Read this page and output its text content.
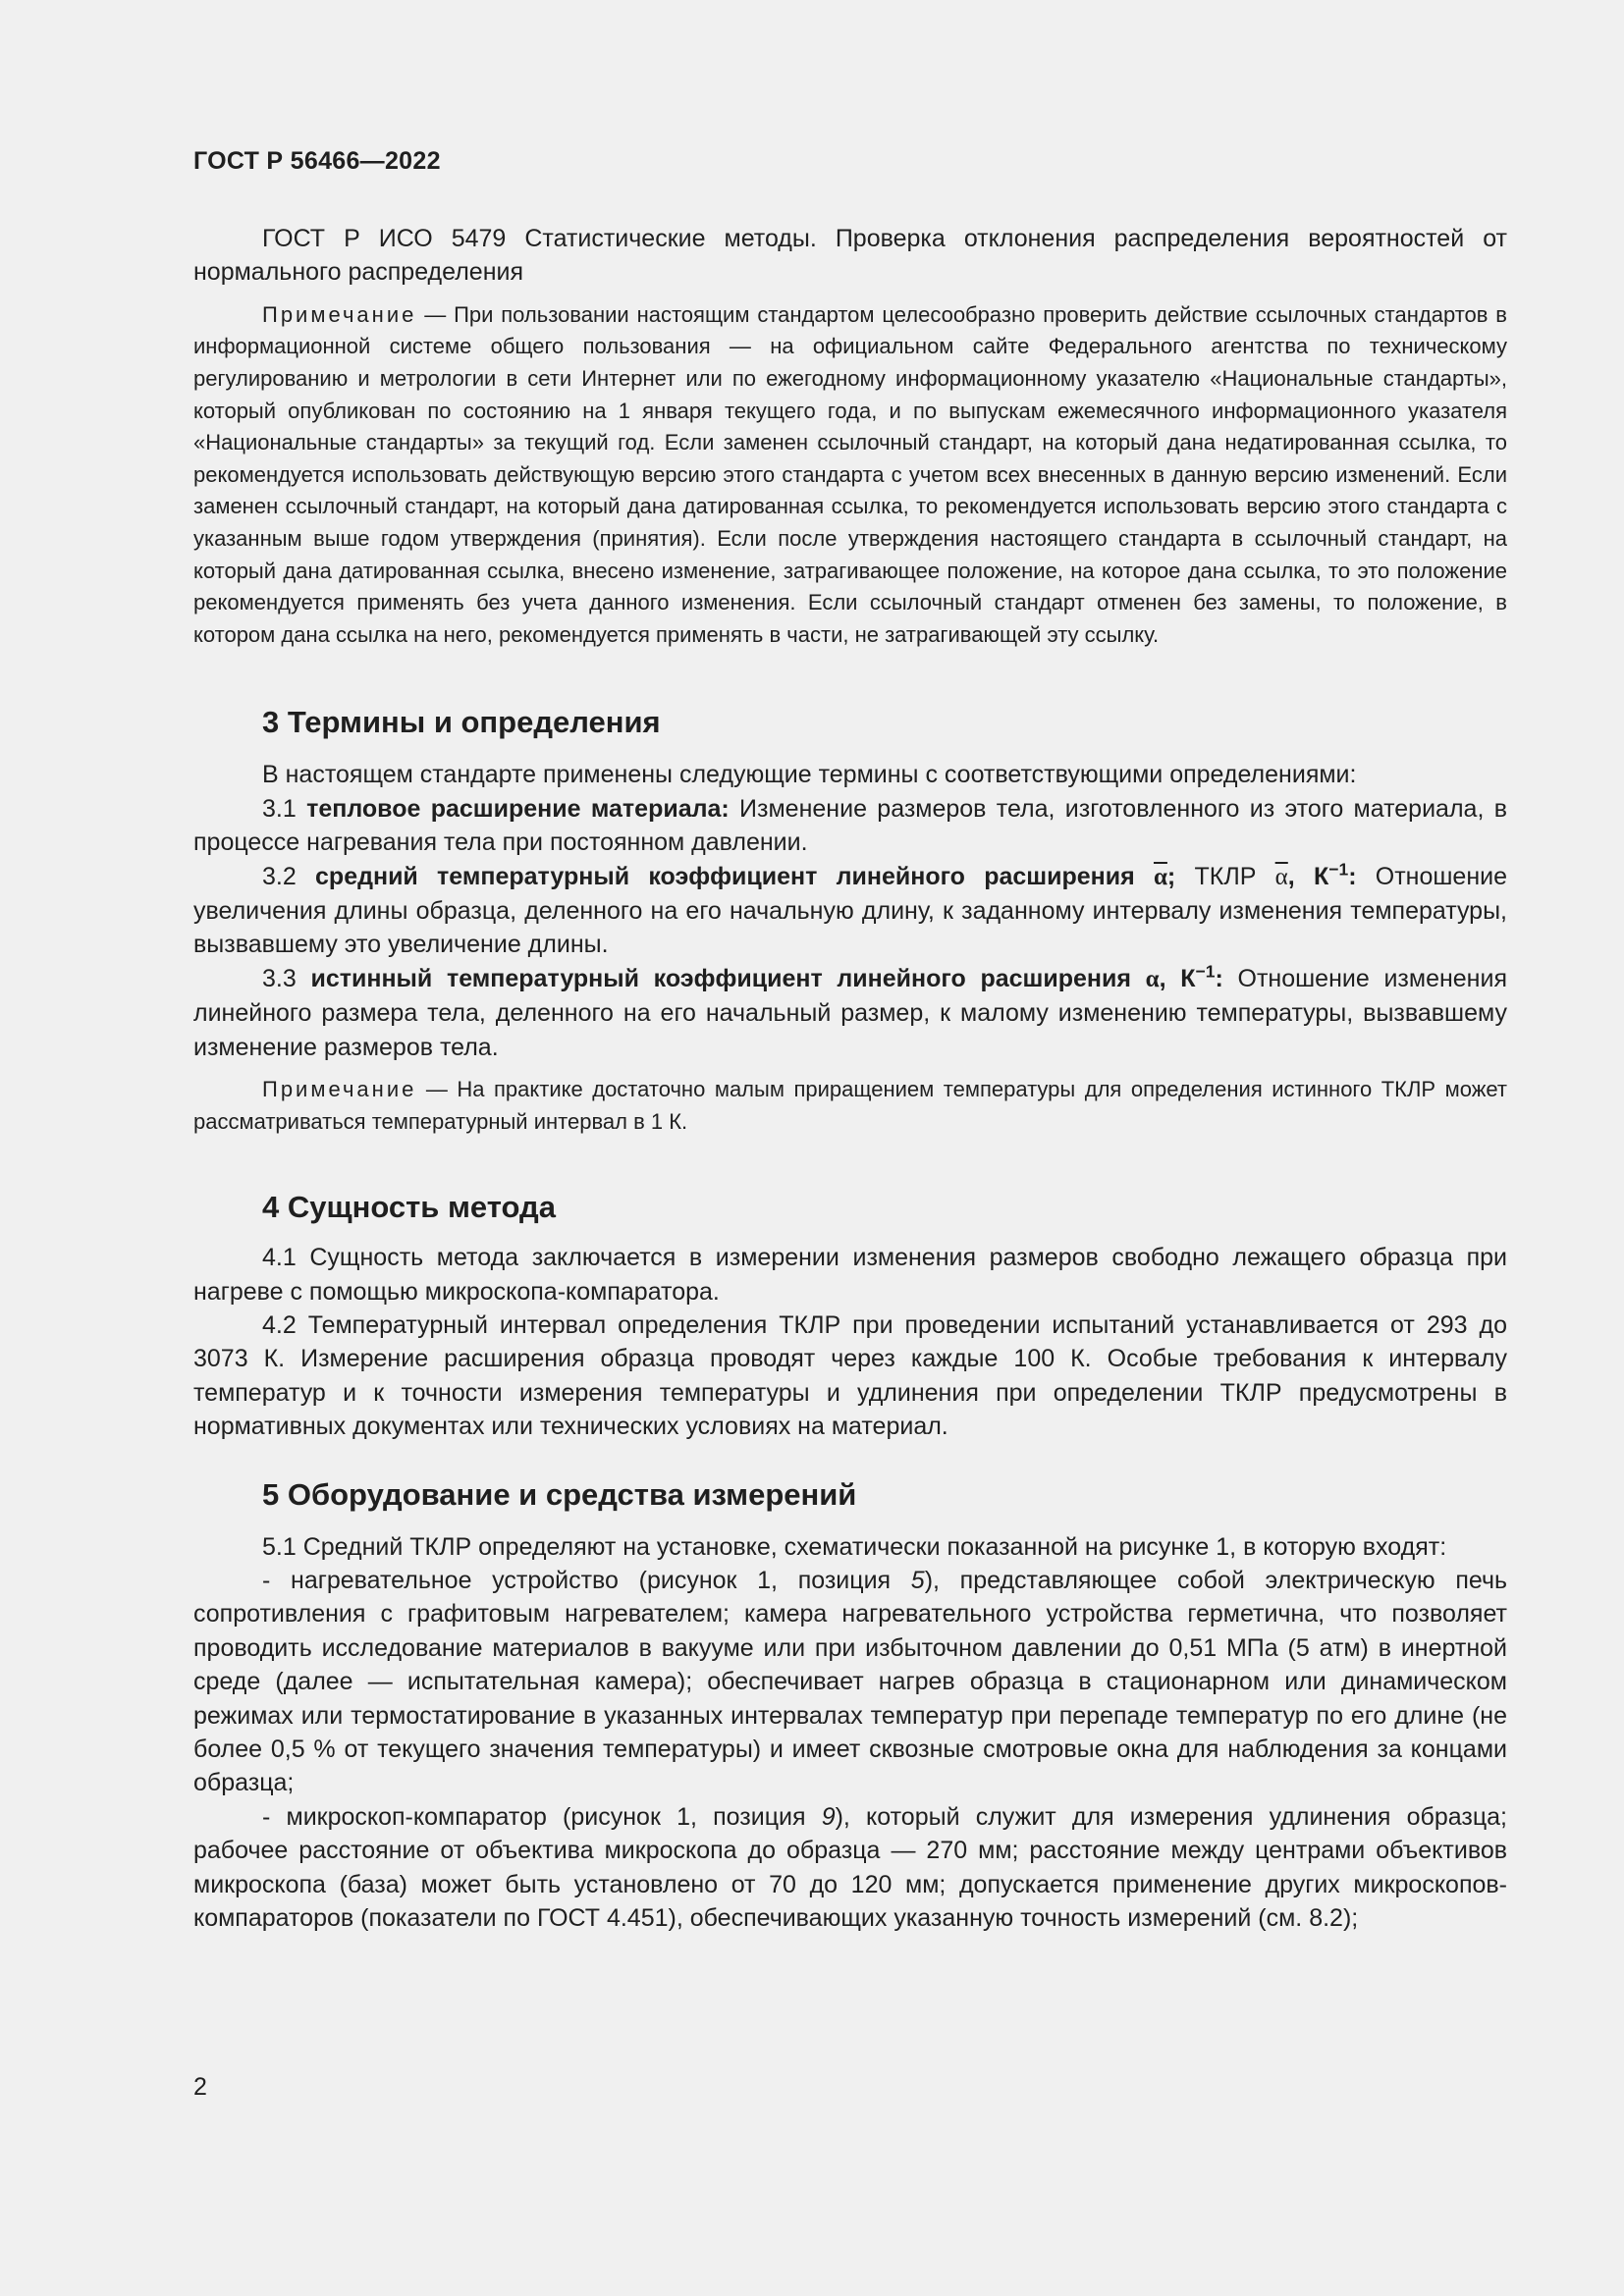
ГОСТ Р 56466—2022

ГОСТ Р ИСО 5479 Статистические методы. Проверка отклонения распределения вероятностей от нормального распределения

Примечание — При пользовании настоящим стандартом целесообразно проверить действие ссылочных стандартов в информационной системе общего пользования — на официальном сайте Федерального агентства по техническому регулированию и метрологии в сети Интернет или по ежегодному информационному указателю «Национальные стандарты», который опубликован по состоянию на 1 января текущего года, и по выпускам ежемесячного информационного указателя «Национальные стандарты» за текущий год. Если заменен ссылочный стандарт, на который дана недатированная ссылка, то рекомендуется использовать действующую версию этого стандарта с учетом всех внесенных в данную версию изменений. Если заменен ссылочный стандарт, на который дана датированная ссылка, то рекомендуется использовать версию этого стандарта с указанным выше годом утверждения (принятия). Если после утверждения настоящего стандарта в ссылочный стандарт, на который дана датированная ссылка, внесено изменение, затрагивающее положение, на которое дана ссылка, то это положение рекомендуется применять без учета данного изменения. Если ссылочный стандарт отменен без замены, то положение, в котором дана ссылка на него, рекомендуется применять в части, не затрагивающей эту ссылку.

3 Термины и определения

В настоящем стандарте применены следующие термины с соответствующими определениями:

3.1 тепловое расширение материала: Изменение размеров тела, изготовленного из этого материала, в процессе нагревания тела при постоянном давлении.

3.2 средний температурный коэффициент линейного расширения $\overline{\alpha}$; ТКЛР $\overline{\alpha}$, $К^{-1}$: Отношение увеличения длины образца, деленного на его начальную длину, к заданному интервалу изменения температуры, вызвавшему это увеличение длины.

3.3 истинный температурный коэффициент линейного расширения α, $К^{-1}$: Отношение изменения линейного размера тела, деленного на его начальный размер, к малому изменению температуры, вызвавшему изменение размеров тела.

Примечание — На практике достаточно малым приращением температуры для определения истинного ТКЛР может рассматриваться температурный интервал в 1 К.

4 Сущность метода

4.1 Сущность метода заключается в измерении изменения размеров свободно лежащего образца при нагреве с помощью микроскопа-компаратора.

4.2 Температурный интервал определения ТКЛР при проведении испытаний устанавливается от 293 до 3073 К. Измерение расширения образца проводят через каждые 100 К. Особые требования к интервалу температур и к точности измерения температуры и удлинения при определении ТКЛР предусмотрены в нормативных документах или технических условиях на материал.

5 Оборудование и средства измерений

5.1 Средний ТКЛР определяют на установке, схематически показанной на рисунке 1, в которую входят:

- нагревательное устройство (рисунок 1, позиция 5), представляющее собой электрическую печь сопротивления с графитовым нагревателем; камера нагревательного устройства герметична, что позволяет проводить исследование материалов в вакууме или при избыточном давлении до 0,51 МПа (5 атм) в инертной среде (далее — испытательная камера); обеспечивает нагрев образца в стационарном или динамическом режимах или термостатирование в указанных интервалах температур при перепаде температур по его длине (не более 0,5 % от текущего значения температуры) и имеет сквозные смотровые окна для наблюдения за концами образца;

- микроскоп-компаратор (рисунок 1, позиция 9), который служит для измерения удлинения образца; рабочее расстояние от объектива микроскопа до образца — 270 мм; расстояние между центрами объективов микроскопа (база) может быть установлено от 70 до 120 мм; допускается применение других микроскопов-компараторов (показатели по ГОСТ 4.451), обеспечивающих указанную точность измерений (см. 8.2);

2
